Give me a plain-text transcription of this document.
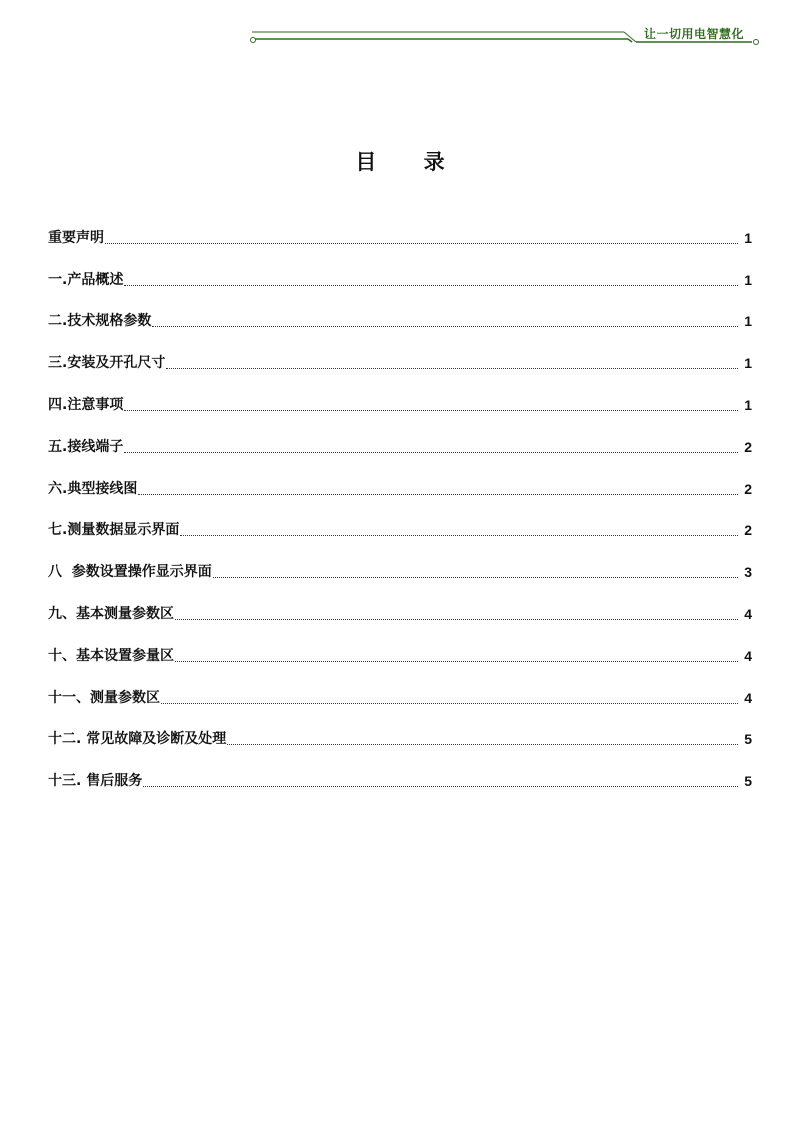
让一切用电智慧化
目 录
重要声明	1
一.产品概述	1
二.技术规格参数	1
三.安装及开孔尺寸	1
四.注意事项	1
五.接线端子	2
六.典型接线图	2
七.测量数据显示界面	2
八  参数设置操作显示界面	3
九、基本测量参数区	4
十、基本设置参量区	4
十一、测量参数区	4
十二. 常见故障及诊断及处理	5
十三. 售后服务	5
